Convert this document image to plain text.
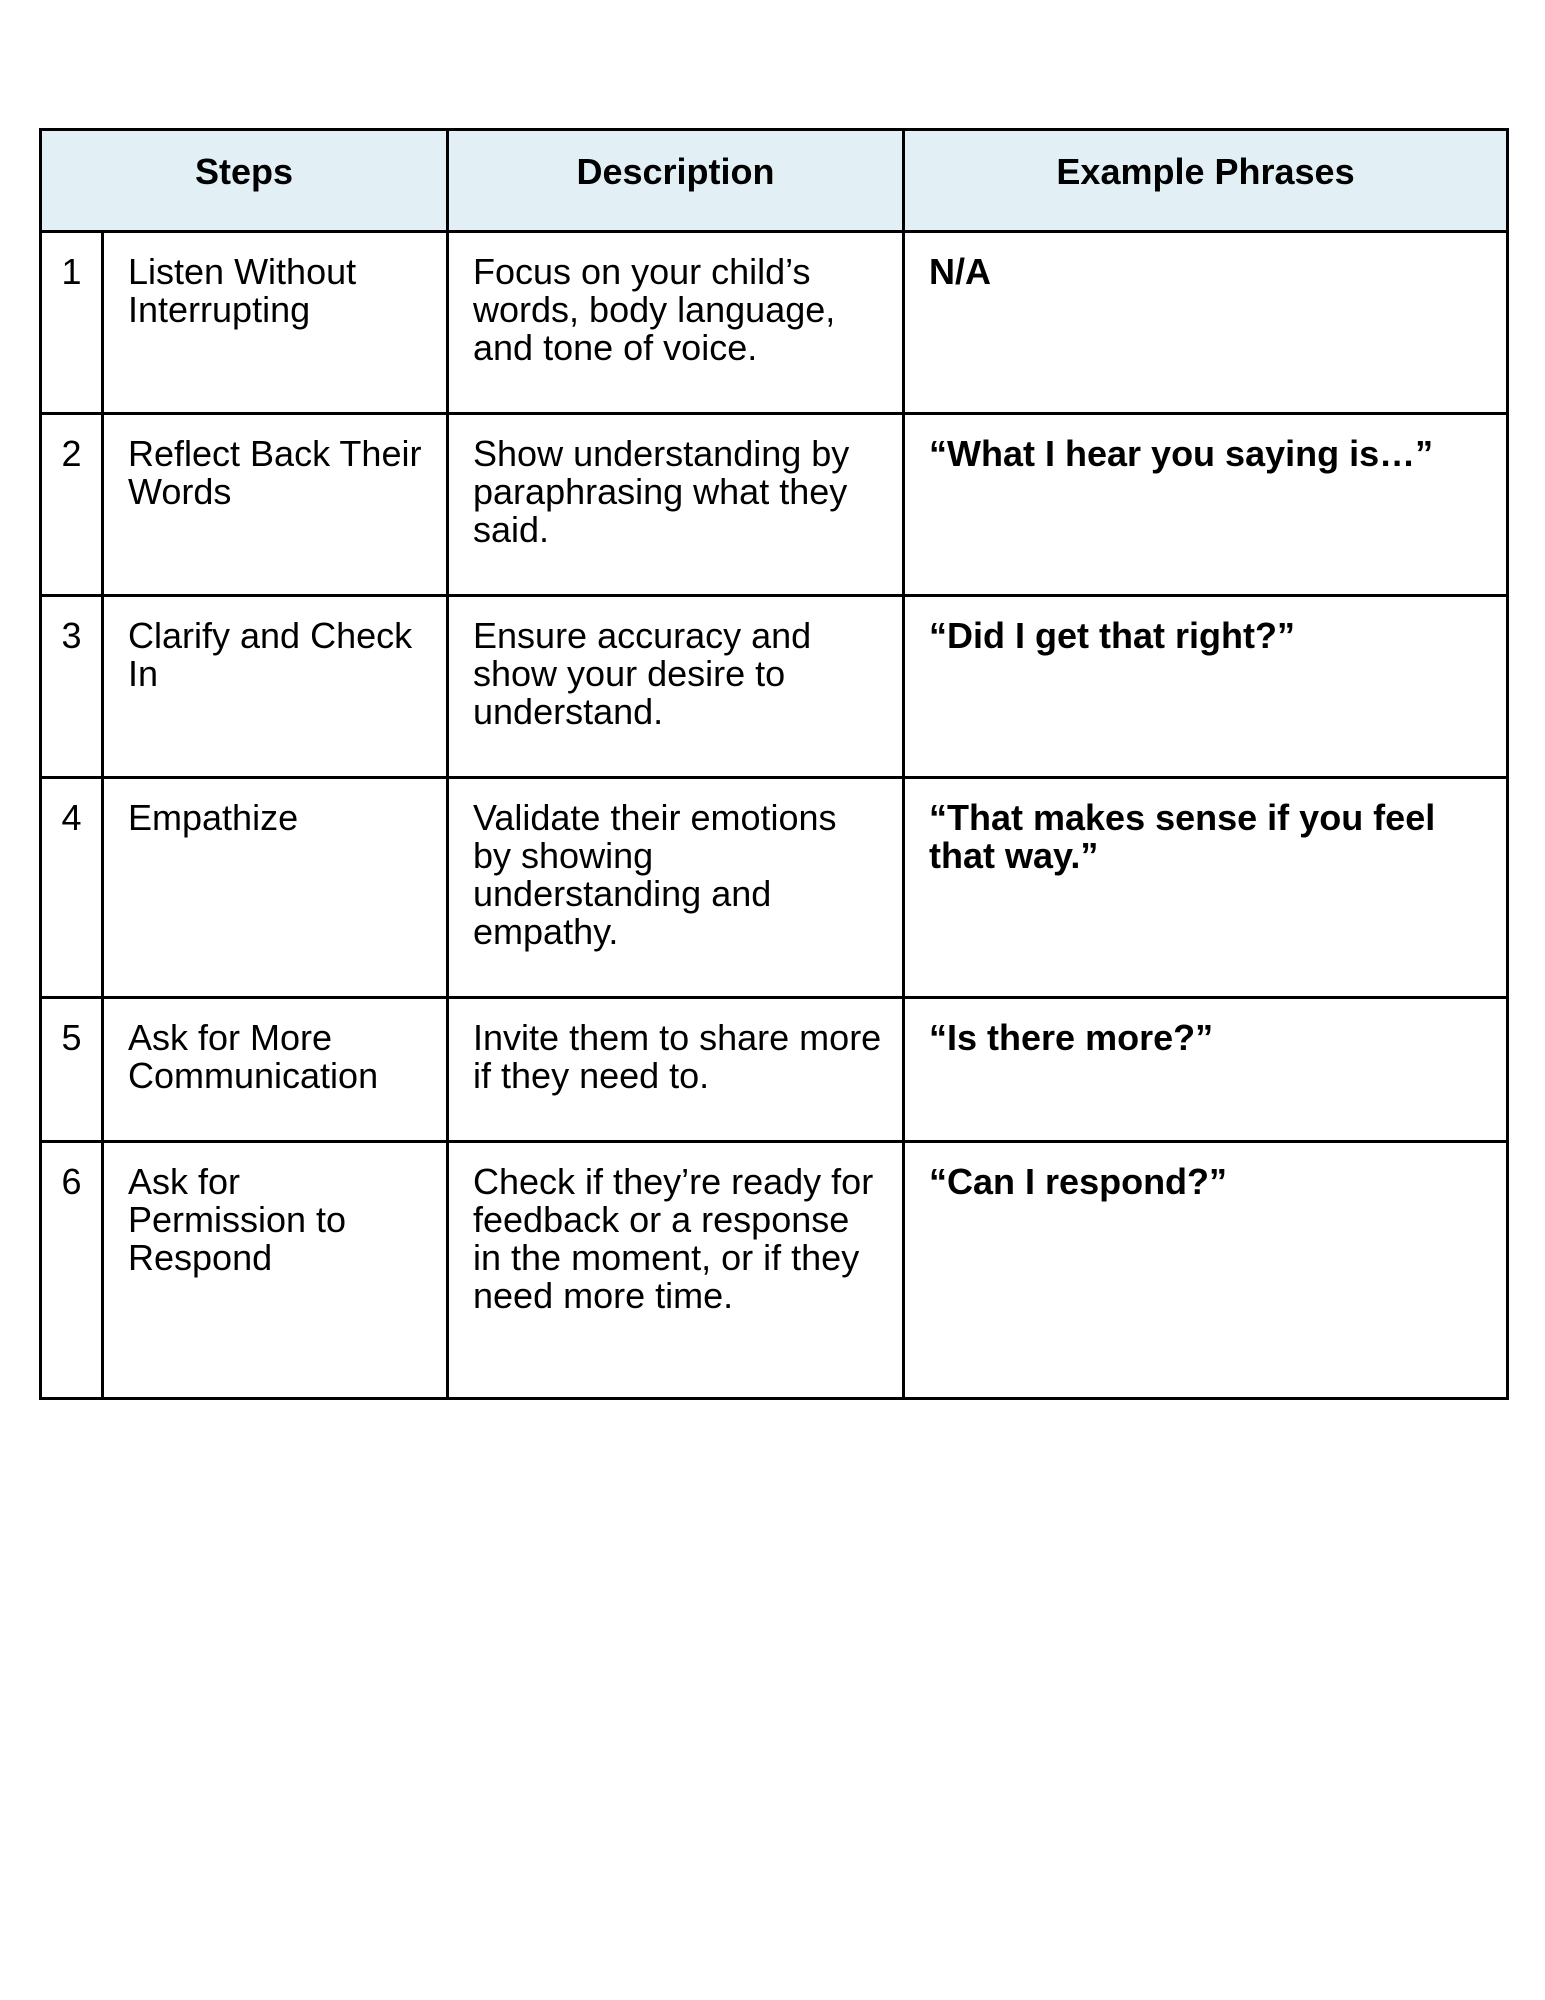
Steps		Description	Example Phrases
1	Listen Without Interrupting	Focus on your child’s words, body language, and tone of voice.	N/A
2	Reflect Back Their Words	Show understanding by paraphrasing what they said.	“What I hear you saying is…”
3	Clarify and Check In	Ensure accuracy and show your desire to understand.	“Did I get that right?”
4	Empathize	Validate their emotions by showing understanding and empathy.	“That makes sense if you feel that way.”
5	Ask for More Communication	Invite them to share more if they need to.	“Is there more?”
6	Ask for Permission to Respond	Check if they’re ready for feedback or a response in the moment, or if they need more time.	“Can I respond?”
